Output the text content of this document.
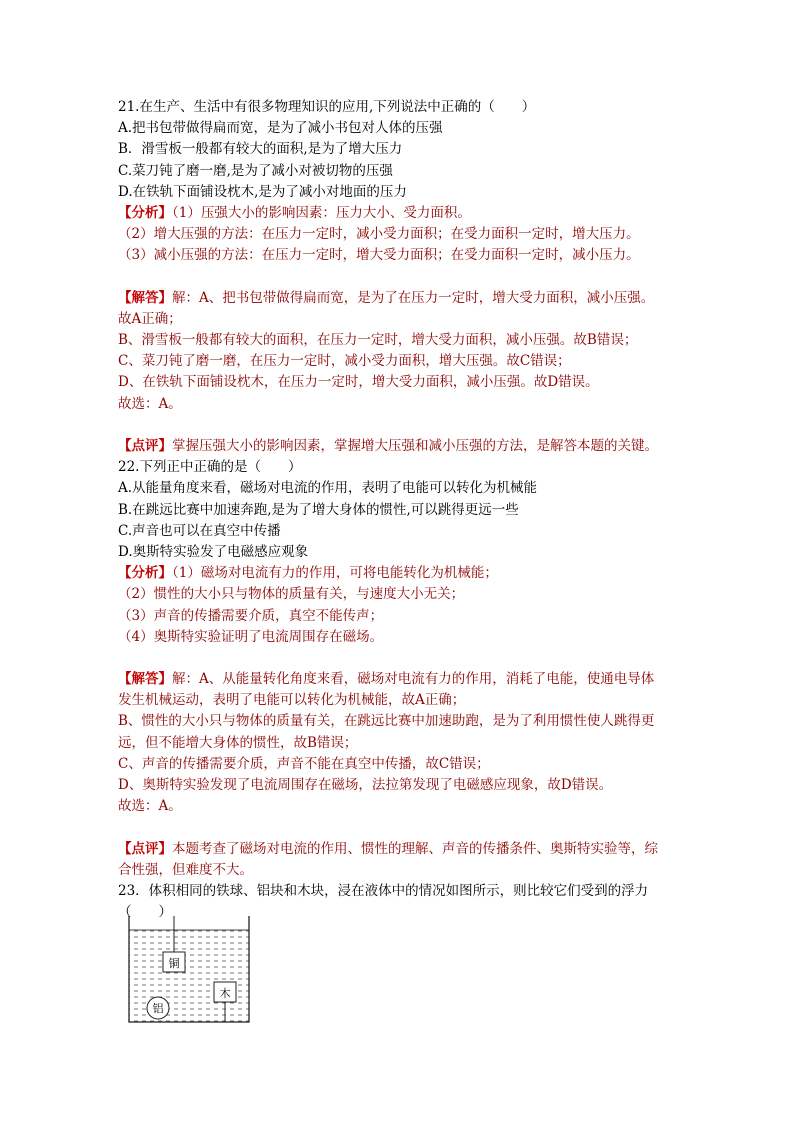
21.在生产、生活中有很多物理知识的应用,下列说法中正确的（　　）
A.把书包带做得扁而宽，是为了减小书包对人体的压强
B．滑雪板一般都有较大的面积,是为了增大压力
C.菜刀钝了磨一磨,是为了减小对被切物的压强
D.在铁轨下面铺设枕木,是为了减小对地面的压力
【分析】（1）压强大小的影响因素：压力大小、受力面积。
（2）增大压强的方法：在压力一定时，减小受力面积；在受力面积一定时，增大压力。
（3）减小压强的方法：在压力一定时，增大受力面积；在受力面积一定时，减小压力。
【解答】解：A、把书包带做得扁而宽，是为了在压力一定时，增大受力面积，减小压强。
故A正确；
B、滑雪板一般都有较大的面积，在压力一定时，增大受力面积，减小压强。故B错误；
C、菜刀钝了磨一磨，在压力一定时，减小受力面积，增大压强。故C错误；
D、在铁轨下面铺设枕木，在压力一定时，增大受力面积，减小压强。故D错误。
故选：A。
【点评】掌握压强大小的影响因素，掌握增大压强和减小压强的方法，是解答本题的关键。
22.下列正中正确的是（　　）
A.从能量角度来看，磁场对电流的作用，表明了电能可以转化为机械能
B.在跳远比赛中加速奔跑,是为了增大身体的惯性,可以跳得更远一些
C.声音也可以在真空中传播
D.奥斯特实验发了电磁感应观象
【分析】（1）磁场对电流有力的作用，可将电能转化为机械能；
（2）惯性的大小只与物体的质量有关，与速度大小无关；
（3）声音的传播需要介质，真空不能传声；
（4）奥斯特实验证明了电流周围存在磁场。
【解答】解：A、从能量转化角度来看，磁场对电流有力的作用，消耗了电能，使通电导体
发生机械运动，表明了电能可以转化为机械能，故A正确；
B、惯性的大小只与物体的质量有关，在跳远比赛中加速助跑，是为了利用惯性使人跳得更
远，但不能增大身体的惯性，故B错误；
C、声音的传播需要介质，声音不能在真空中传播，故C错误；
D、奥斯特实验发现了电流周围存在磁场，法拉第发现了电磁感应现象，故D错误。
故选：A。
【点评】本题考查了磁场对电流的作用、惯性的理解、声音的传播条件、奥斯特实验等，综
合性强，但难度不大。
23．体积相同的铁球、铝块和木块，浸在液体中的情况如图所示，则比较它们受到的浮力
（　　）
铜
木
铝
